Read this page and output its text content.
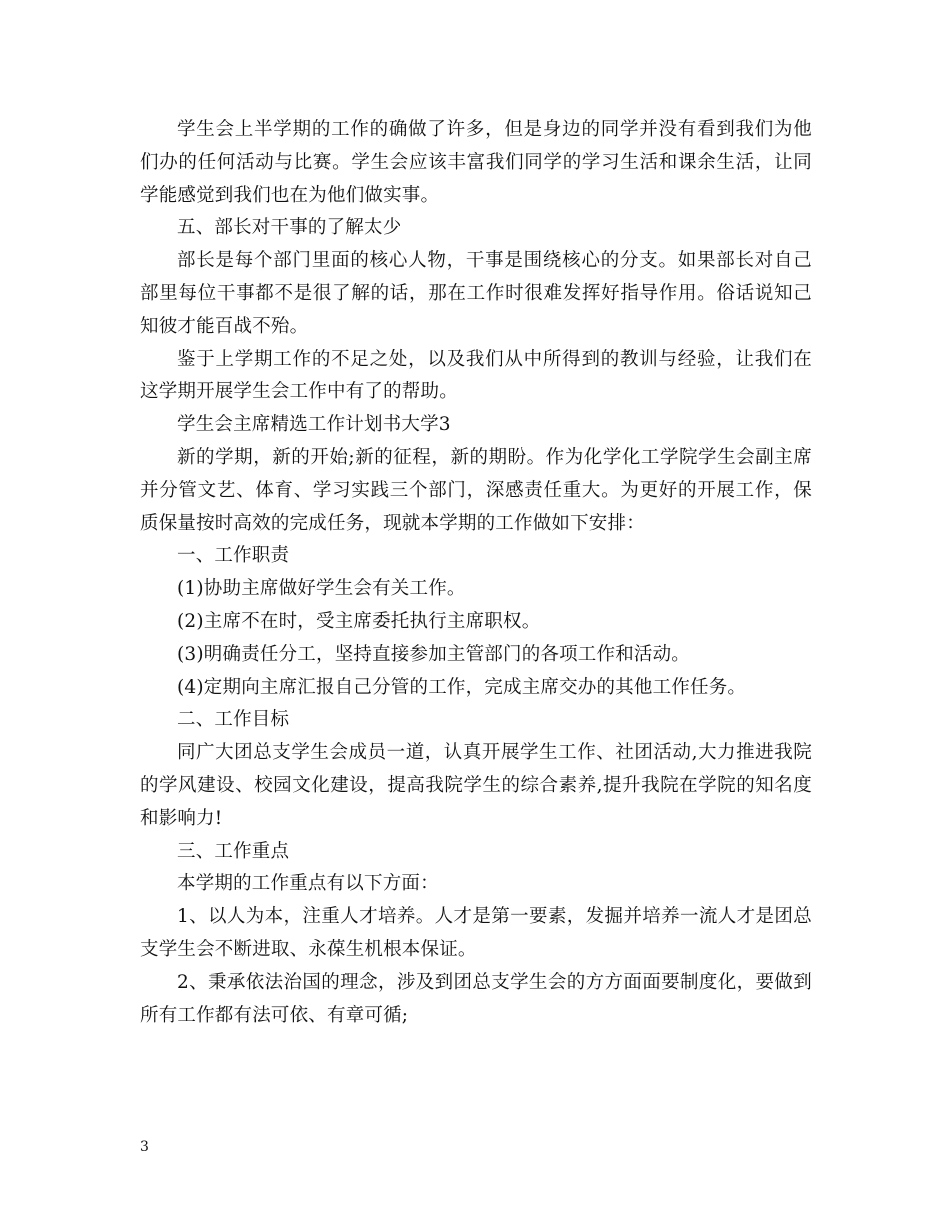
学生会上半学期的工作的确做了许多，但是身边的同学并没有看到我们为他们办的任何活动与比赛。学生会应该丰富我们同学的学习生活和课余生活，让同学能感觉到我们也在为他们做实事。

五、部长对干事的了解太少

部长是每个部门里面的核心人物，干事是围绕核心的分支。如果部长对自己部里每位干事都不是很了解的话，那在工作时很难发挥好指导作用。俗话说知己知彼才能百战不殆。

鉴于上学期工作的不足之处，以及我们从中所得到的教训与经验，让我们在这学期开展学生会工作中有了的帮助。

学生会主席精选工作计划书大学3

新的学期，新的开始;新的征程，新的期盼。作为化学化工学院学生会副主席并分管文艺、体育、学习实践三个部门，深感责任重大。为更好的开展工作，保质保量按时高效的完成任务，现就本学期的工作做如下安排：

一、工作职责

(1)协助主席做好学生会有关工作。

(2)主席不在时，受主席委托执行主席职权。

(3)明确责任分工，坚持直接参加主管部门的各项工作和活动。

(4)定期向主席汇报自己分管的工作，完成主席交办的其他工作任务。

二、工作目标

同广大团总支学生会成员一道，认真开展学生工作、社团活动,大力推进我院的学风建设、校园文化建设，提高我院学生的综合素养,提升我院在学院的知名度和影响力!

三、工作重点

本学期的工作重点有以下方面：

1、以人为本，注重人才培养。人才是第一要素，发掘并培养一流人才是团总支学生会不断进取、永葆生机根本保证。

2、秉承依法治国的理念，涉及到团总支学生会的方方面面要制度化，要做到所有工作都有法可依、有章可循;

3
